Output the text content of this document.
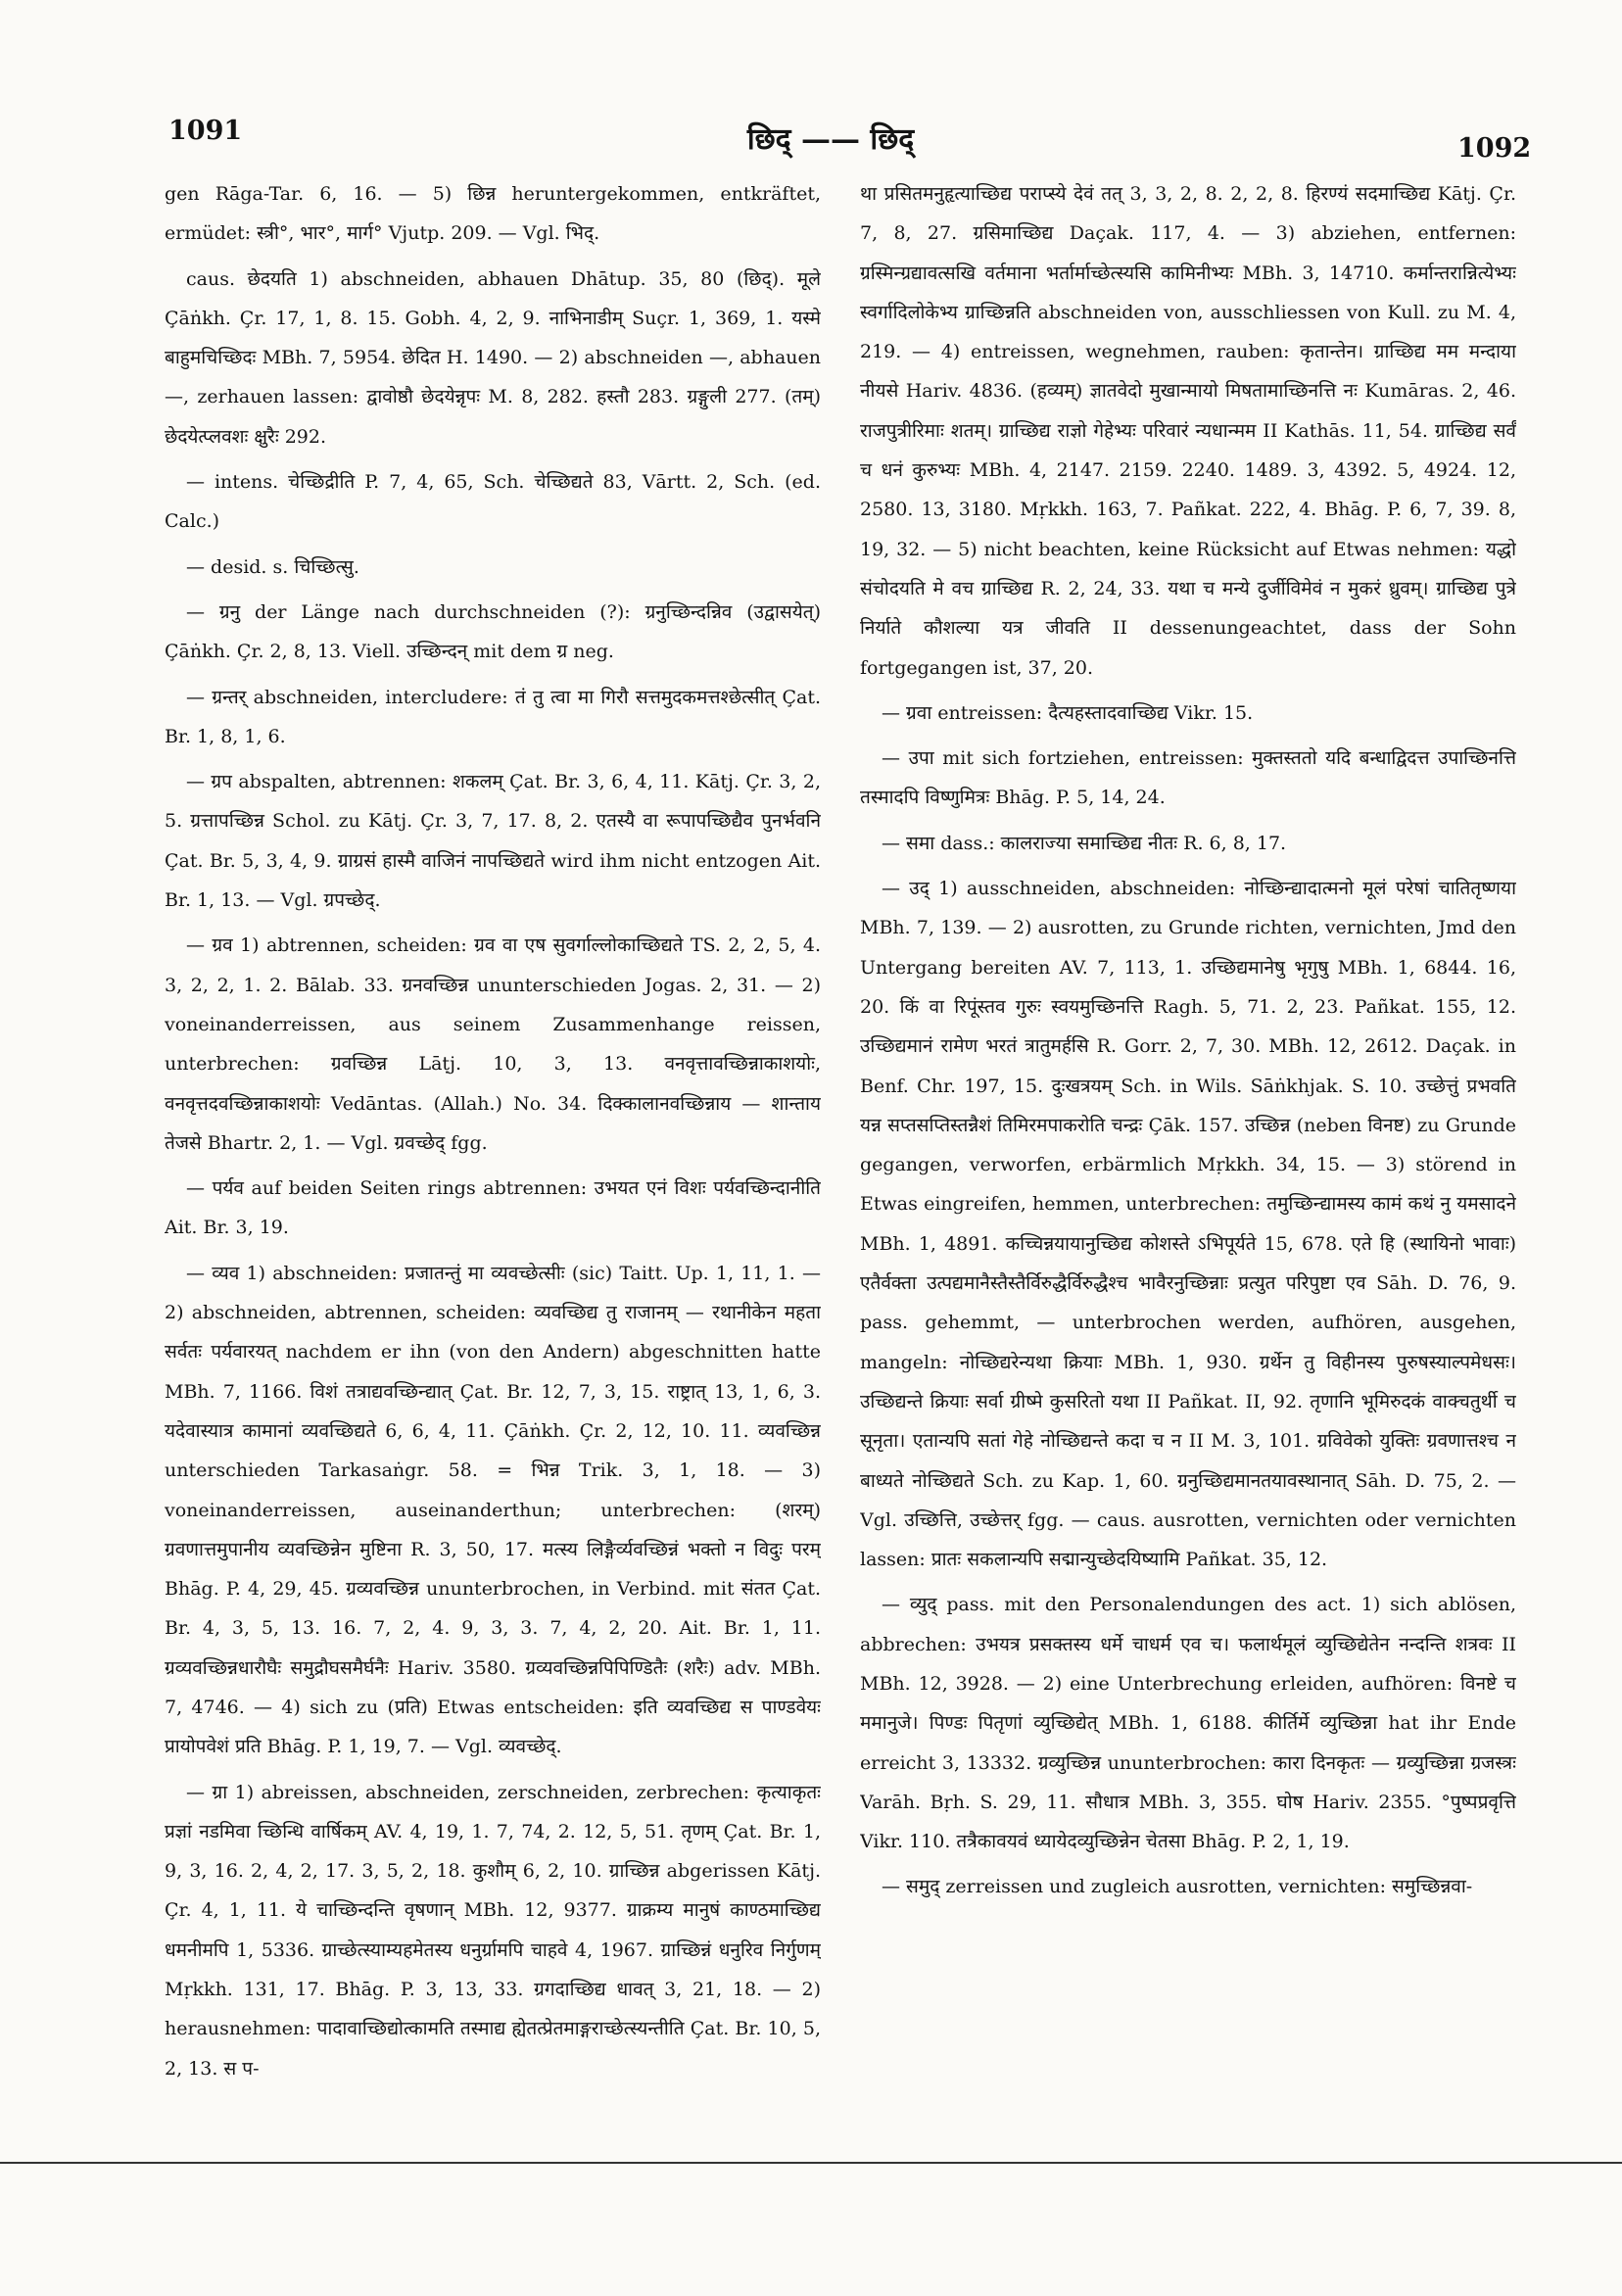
1091	छिद् —— छिद्	1092

gen Rāga-Tar. 6, 16. — 5) छिन्न heruntergekommen, entkräftet, ermüdet: स्त्री°, भार°, मार्ग° Vjutp. 209. — Vgl. भिद्.

caus. छेदयति 1) abschneiden, abhauen Dhātup. 35, 80 (छिद्). मूले Çāṅkh. Çr. 17, 1, 8. 15. Gobh. 4, 2, 9. नाभिनाडीम् Suçr. 1, 369, 1. यस्मे बाहुमचिच्छिदः MBh. 7, 5954. छेदित H. 1490. — 2) abschneiden —, abhauen —, zerhauen lassen: द्वावोष्ठौ छेदयेन्नृपः M. 8, 282. हस्तौ 283. ग्रङ्गुली 277. (तम्) छेदयेत्प्लवशः क्षुरैः 292.

— intens. चेच्छिद्रीति P. 7, 4, 65, Sch. चेच्छिद्यते 83, Vārtt. 2, Sch. (ed. Calc.)

— desid. s. चिच्छित्सु.

— ग्रनु der Länge nach durchschneiden (?): ग्रनुच्छिन्दन्निव (उद्वासयेत्) Çāṅkh. Çr. 2, 8, 13. Viell. उच्छिन्दन् mit dem ग्र neg.

— ग्रन्तर् abschneiden, intercludere: तं तु त्वा मा गिरौ सत्तमुदकमत्तश्छेत्सीत् Çat. Br. 1, 8, 1, 6.

— ग्रप abspalten, abtrennen: शकलम् Çat. Br. 3, 6, 4, 11. Kātj. Çr. 3, 2, 5. ग्रत्तापच्छिन्न Schol. zu Kātj. Çr. 3, 7, 17. 8, 2. एतस्यै वा रूपापच्छिद्यैव पुनर्भवनि Çat. Br. 5, 3, 4, 9. ग्राग्रसं हास्मै वाजिनं नापच्छिद्यते wird ihm nicht entzogen Ait. Br. 1, 13. — Vgl. ग्रपच्छेद्.

— ग्रव 1) abtrennen, scheiden: ग्रव वा एष सुवर्गाल्लोकाच्छिद्यते TS. 2, 2, 5, 4. 3, 2, 2, 1. 2. Bālab. 33. ग्रनवच्छिन्न ununterschieden Jogas. 2, 31. — 2) voneinanderreissen, aus seinem Zusammenhange reissen, unterbrechen: ग्रवच्छिन्न Lāṭj. 10, 3, 13. वनवृत्तावच्छिन्नाकाशयोः, वनवृत्तदवच्छिन्नाकाशयोः Vedāntas. (Allah.) No. 34. दिक्कालानवच्छिन्नाय — शान्ताय तेजसे Bhartr. 2, 1. — Vgl. ग्रवच्छेद् fgg.

— पर्यव auf beiden Seiten rings abtrennen: उभयत एनं विशः पर्यवच्छिन्दानीति Ait. Br. 3, 19.

— व्यव 1) abschneiden: प्रजातन्तुं मा व्यवच्छेत्सीः (sic) Taitt. Up. 1, 11, 1. — 2) abschneiden, abtrennen, scheiden: व्यवच्छिद्य तु राजानम् — रथानीकेन महता सर्वतः पर्यवारयत् nachdem er ihn (von den Andern) abgeschnitten hatte MBh. 7, 1166. विशं तत्राद्यवच्छिन्द्यात् Çat. Br. 12, 7, 3, 15. राष्ट्रात् 13, 1, 6, 3. यदेवास्यात्र कामानां व्यवच्छिद्यते 6, 6, 4, 11. Çāṅkh. Çr. 2, 12, 10. 11. व्यवच्छिन्न unterschieden Tarkasaṅgr. 58. = भिन्न Trik. 3, 1, 18. — 3) voneinanderreissen, auseinanderthun; unterbrechen: (शरम्) ग्रवणात्तमुपानीय व्यवच्छिन्नेन मुष्टिना R. 3, 50, 17. मत्स्य लिङ्गैर्व्यवच्छिन्नं भक्तो न विदुः परम् Bhāg. P. 4, 29, 45. ग्रव्यवच्छिन्न ununterbrochen, in Verbind. mit संतत Çat. Br. 4, 3, 5, 13. 16. 7, 2, 4. 9, 3, 3. 7, 4, 2, 20. Ait. Br. 1, 11. ग्रव्यवच्छिन्नधारौघैः समुद्रौघसमैर्घनैः Hariv. 3580. ग्रव्यवच्छिन्नपिपिण्डितैः (शरैः) adv. MBh. 7, 4746. — 4) sich zu (प्रति) Etwas entscheiden: इति व्यवच्छिद्य स पाण्डवेयः प्रायोपवेशं प्रति Bhāg. P. 1, 19, 7. — Vgl. व्यवच्छेद्.

— ग्रा 1) abreissen, abschneiden, zerschneiden, zerbrechen: कृत्याकृतः प्रज्ञां नडमिवा च्छिन्धि वार्षिकम् AV. 4, 19, 1. 7, 74, 2. 12, 5, 51. तृणम् Çat. Br. 1, 9, 3, 16. 2, 4, 2, 17. 3, 5, 2, 18. कुशौम् 6, 2, 10. ग्राच्छिन्न abgerissen Kātj. Çr. 4, 1, 11. ये चाच्छिन्दन्ति वृषणान् MBh. 12, 9377. ग्राक्रम्य मानुषं काण्ठमाच्छिद्य धमनीमपि 1, 5336. ग्राच्छेत्स्याम्यहमेतस्य धनुर्ग्रामपि चाहवे 4, 1967. ग्राच्छिन्नं धनुरिव निर्गुणम् Mṛkkh. 131, 17. Bhāg. P. 3, 13, 33. ग्रगदाच्छिद्य धावत् 3, 21, 18. — 2) herausnehmen: पादावाच्छिद्योत्कामति तस्माद्य ह्येतत्प्रेतमाङ्गराच्छेत्स्यन्तीति Çat. Br. 10, 5, 2, 13. स प-

था प्रसितमनुहृत्याच्छिद्य पराप्स्ये देवं तत् 3, 3, 2, 8. 2, 2, 8. हिरण्यं सदमाच्छिद्य Kātj. Çr. 7, 8, 27. ग्रसिमाच्छिद्य Daçak. 117, 4. — 3) abziehen, entfernen: ग्रस्मिन्ग्रद्यावत्सखि वर्तमाना भर्तार्माच्छेत्स्यसि कामिनीभ्यः MBh. 3, 14710. कर्मान्तरान्नित्येभ्यः स्वर्गादिलोकेभ्य ग्राच्छिन्नति abschneiden von, ausschliessen von Kull. zu M. 4, 219. — 4) entreissen, wegnehmen, rauben: कृतान्तेन। ग्राच्छिद्य मम मन्दाया नीयसे Hariv. 4836. (हव्यम्) ज्ञातवेदो मुखान्मायो मिषतामाच्छिनत्ति नः Kumāras. 2, 46. राजपुत्रीरिमाः शतम्। ग्राच्छिद्य राज्ञो गेहेभ्यः परिवारं न्यधान्मम II Kathās. 11, 54. ग्राच्छिद्य सर्वं च धनं कुरुभ्यः MBh. 4, 2147. 2159. 2240. 1489. 3, 4392. 5, 4924. 12, 2580. 13, 3180. Mṛkkh. 163, 7. Pañkat. 222, 4. Bhāg. P. 6, 7, 39. 8, 19, 32. — 5) nicht beachten, keine Rücksicht auf Etwas nehmen: यद्धो संचोदयति मे वच ग्राच्छिद्य R. 2, 24, 33. यथा च मन्ये दुर्जीविमेवं न मुकरं ध्रुवम्। ग्राच्छिद्य पुत्रे निर्याते कौशल्या यत्र जीवति II dessenungeachtet, dass der Sohn fortgegangen ist, 37, 20.

— ग्रवा entreissen: दैत्यहस्तादवाच्छिद्य Vikr. 15.

— उपा mit sich fortziehen, entreissen: मुक्तस्ततो यदि बन्धाद्विदत्त उपाच्छिनत्ति तस्मादपि विष्णुमित्रः Bhāg. P. 5, 14, 24.

— समा dass.: कालराज्या समाच्छिद्य नीतः R. 6, 8, 17.

— उद् 1) ausschneiden, abschneiden: नोच्छिन्द्यादात्मनो मूलं परेषां चातितृष्णया MBh. 7, 139. — 2) ausrotten, zu Grunde richten, vernichten, Jmd den Untergang bereiten AV. 7, 113, 1. उच्छिद्यमानेषु भृगुषु MBh. 1, 6844. 16, 20. किं वा रिपूंस्तव गुरुः स्वयमुच्छिनत्ति Ragh. 5, 71. 2, 23. Pañkat. 155, 12. उच्छिद्यमानं रामेण भरतं त्रातुमर्हसि R. Gorr. 2, 7, 30. MBh. 12, 2612. Daçak. in Benf. Chr. 197, 15. दुःखत्रयम् Sch. in Wils. Sāṅkhjak. S. 10. उच्छेत्तुं प्रभवति यन्न सप्तसप्तिस्तन्नैशं तिमिरमपाकरोति चन्द्रः Çāk. 157. उच्छिन्न (neben विनष्ट) zu Grunde gegangen, verworfen, erbärmlich Mṛkkh. 34, 15. — 3) störend in Etwas eingreifen, hemmen, unterbrechen: तमुच्छिन्द्यामस्य कामं कथं नु यमसादने MBh. 1, 4891. कच्चिन्नयायानुच्छिद्य कोशस्ते ऽभिपूर्यते 15, 678. एते हि (स्थायिनो भावाः) एतैर्वक्ता उत्पद्यमानैस्तैस्तैर्विरुद्धैर्विरुद्धैश्च भावैरनुच्छिन्नाः प्रत्युत परिपुष्टा एव Sāh. D. 76, 9. pass. gehemmt, — unterbrochen werden, aufhören, ausgehen, mangeln: नोच्छिद्यरेन्यथा क्रियाः MBh. 1, 930. ग्रर्थेन तु विहीनस्य पुरुषस्याल्पमेधसः। उच्छिद्यन्ते क्रियाः सर्वा ग्रीष्मे कुसरितो यथा II Pañkat. II, 92. तृणानि भूमिरुदकं वाक्चतुर्थी च सूनृता। एतान्यपि सतां गेहे नोच्छिद्यन्ते कदा च न II M. 3, 101. ग्रविवेको युक्तिः ग्रवणात्तश्च न बाध्यते नोच्छिद्यते Sch. zu Kap. 1, 60. ग्रनुच्छिद्यमानतयावस्थानात् Sāh. D. 75, 2. — Vgl. उच्छित्ति, उच्छेत्तर् fgg. — caus. ausrotten, vernichten oder vernichten lassen: प्रातः सकलान्यपि सद्मान्युच्छेदयिष्यामि Pañkat. 35, 12.

— व्युद् pass. mit den Personalendungen des act. 1) sich ablösen, abbrechen: उभयत्र प्रसक्तस्य धर्मे चाधर्म एव च। फलार्थमूलं व्युच्छिद्येतेन नन्दन्ति शत्रवः II MBh. 12, 3928. — 2) eine Unterbrechung erleiden, aufhören: विनष्टे च ममानुजे। पिण्डः पितृणां व्युच्छिद्येत् MBh. 1, 6188. कीर्तिर्मे व्युच्छिन्ना hat ihr Ende erreicht 3, 13332. ग्रव्युच्छिन्न ununterbrochen: कारा दिनकृतः — ग्रव्युच्छिन्ना ग्रजस्त्रः Varāh. Bṛh. S. 29, 11. सौधात्र MBh. 3, 355. घोष Hariv. 2355. °पुष्पप्रवृत्ति Vikr. 110. तत्रैकावयवं ध्यायेदव्युच्छिन्नेन चेतसा Bhāg. P. 2, 1, 19.

— समुद् zerreissen und zugleich ausrotten, vernichten: समुच्छिन्नवा-
